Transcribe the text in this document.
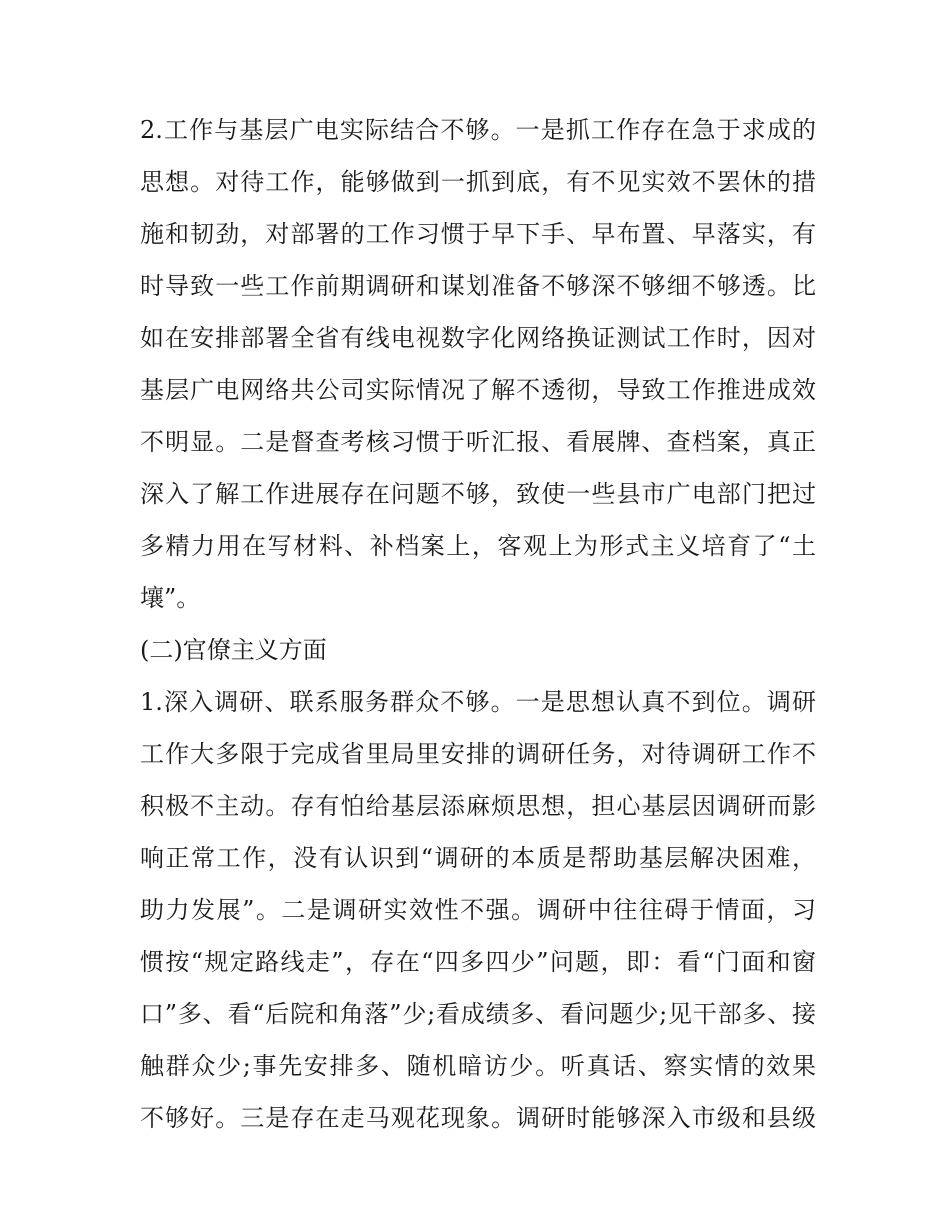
2.工作与基层广电实际结合不够。一是抓工作存在急于求成的
思想。对待工作，能够做到一抓到底，有不见实效不罢休的措
施和韧劲，对部署的工作习惯于早下手、早布置、早落实，有
时导致一些工作前期调研和谋划准备不够深不够细不够透。比
如在安排部署全省有线电视数字化网络换证测试工作时，因对
基层广电网络共公司实际情况了解不透彻，导致工作推进成效
不明显。二是督查考核习惯于听汇报、看展牌、查档案，真正
深入了解工作进展存在问题不够，致使一些县市广电部门把过
多精力用在写材料、补档案上，客观上为形式主义培育了“土
壤”。
(二)官僚主义方面
1.深入调研、联系服务群众不够。一是思想认真不到位。调研
工作大多限于完成省里局里安排的调研任务，对待调研工作不
积极不主动。存有怕给基层添麻烦思想，担心基层因调研而影
响正常工作，没有认识到“调研的本质是帮助基层解决困难，
助力发展”。二是调研实效性不强。调研中往往碍于情面，习
惯按“规定路线走”，存在“四多四少”问题，即：看“门面和窗
口”多、看“后院和角落”少;看成绩多、看问题少;见干部多、接
触群众少;事先安排多、随机暗访少。听真话、察实情的效果
不够好。三是存在走马观花现象。调研时能够深入市级和县级
